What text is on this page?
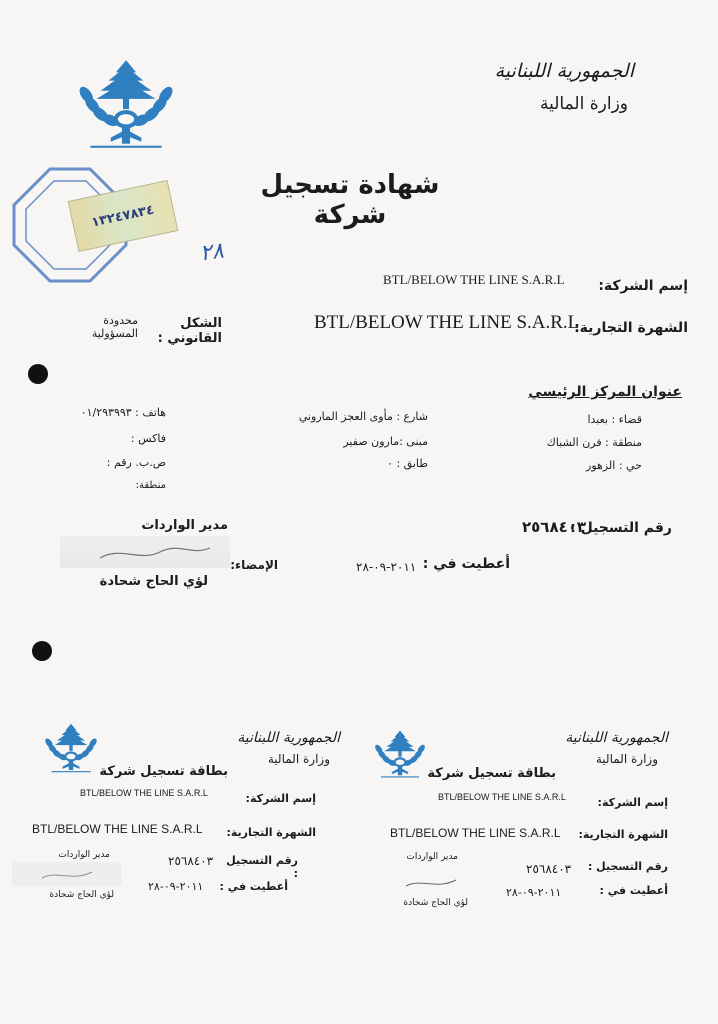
الجمهورية اللبنانية
وزارة المالية
شهادة تسجيل شركة
١٣٢٤٧٨٣٤
٢٨
إسم الشركة:
BTL/BELOW THE LINE S.A.R.L
الشهرة التجارية:
BTL/BELOW THE LINE S.A.R.L
الشكل القانوني :
محدودة المسؤولية
عنوان المركز الرئيسي
قضاء : بعبدا
منطقة : فرن الشباك
حي : الزهور
شارع : مأوى العجز الماروني
مبنى :مارون صفير
طابق : ٠
هاتف : ٠١/٢٩٣٩٩٣
فاكس :
ص.ب. رقم :
منطقة:
رقم التسجيل :
٢٥٦٨٤٠٣
أعطيت في :
٢٠١١-٠٩-٢٨
الإمضاء:
مدير الواردات
لؤي الحاج شحادة
الجمهورية اللبنانية
وزارة المالية
بطاقة تسجيل شركة
إسم الشركة:
BTL/BELOW THE LINE S.A.R.L
الشهرة التجارية:
BTL/BELOW THE LINE S.A.R.L
مدير الواردات	رقم التسجيل :
٢٥٦٨٤٠٣
أعطيت في :
٢٠١١-٠٩-٢٨
لؤي الحاج شحادة
الجمهورية اللبنانية
وزارة المالية
بطاقة تسجيل شركة
إسم الشركة:
BTL/BELOW THE LINE S.A.R.L
الشهرة التجارية:
BTL/BELOW THE LINE S.A.R.L
مدير الواردات
رقم التسجيل :
٢٥٦٨٤٠٣
أعطيت في :
٢٠١١-٠٩-٢٨
لؤي الحاج شحادة
